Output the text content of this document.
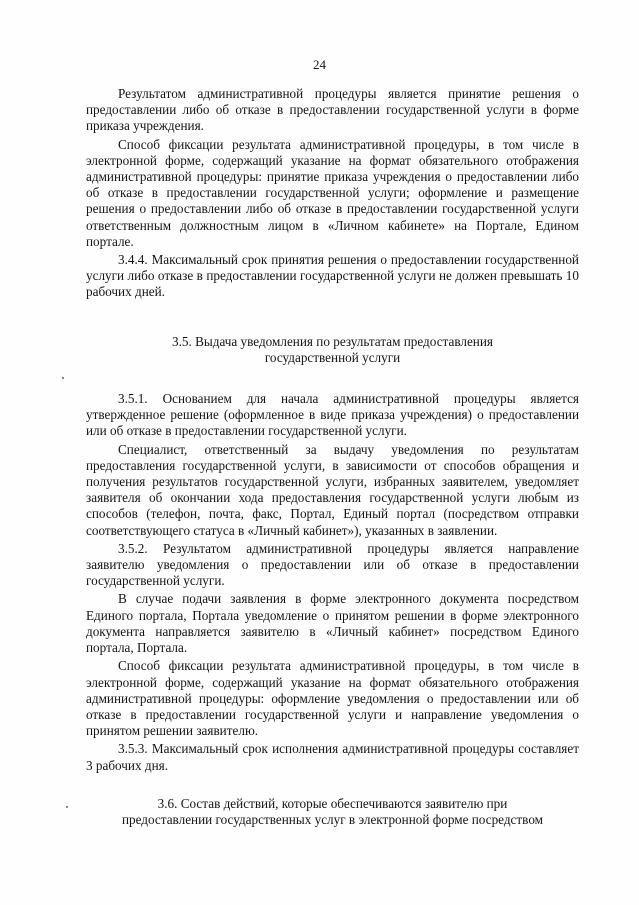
24

Результатом административной процедуры является принятие решения о предоставлении либо об отказе в предоставлении государственной услуги в форме приказа учреждения.

Способ фиксации результата административной процедуры, в том числе в электронной форме, содержащий указание на формат обязательного отображения административной процедуры: принятие приказа учреждения о предоставлении либо об отказе в предоставлении государственной услуги; оформление и размещение решения о предоставлении либо об отказе в предоставлении государственной услуги ответственным должностным лицом в «Личном кабинете» на Портале, Едином портале.

3.4.4. Максимальный срок принятия решения о предоставлении государственной услуги либо отказе в предоставлении государственной услуги не должен превышать 10 рабочих дней.

3.5. Выдача уведомления по результатам предоставления
государственной услуги

3.5.1. Основанием для начала административной процедуры является утвержденное решение (оформленное в виде приказа учреждения) о предоставлении или об отказе в предоставлении государственной услуги.

Специалист, ответственный за выдачу уведомления по результатам предоставления государственной услуги, в зависимости от способов обращения и получения результатов государственной услуги, избранных заявителем, уведомляет заявителя об окончании хода предоставления государственной услуги любым из способов (телефон, почта, факс, Портал, Единый портал (посредством отправки соответствующего статуса в «Личный кабинет»), указанных в заявлении.

3.5.2. Результатом административной процедуры является направление заявителю уведомления о предоставлении или об отказе в предоставлении государственной услуги.

В случае подачи заявления в форме электронного документа посредством Единого портала, Портала уведомление о принятом решении в форме электронного документа направляется заявителю в «Личный кабинет» посредством Единого портала, Портала.

Способ фиксации результата административной процедуры, в том числе в электронной форме, содержащий указание на формат обязательного отображения административной процедуры: оформление уведомления о предоставлении или об отказе в предоставлении государственной услуги и направление уведомления о принятом решении заявителю.

3.5.3. Максимальный срок исполнения административной процедуры составляет 3 рабочих дня.

3.6. Состав действий, которые обеспечиваются заявителю при
предоставлении государственных услуг в электронной форме посредством
